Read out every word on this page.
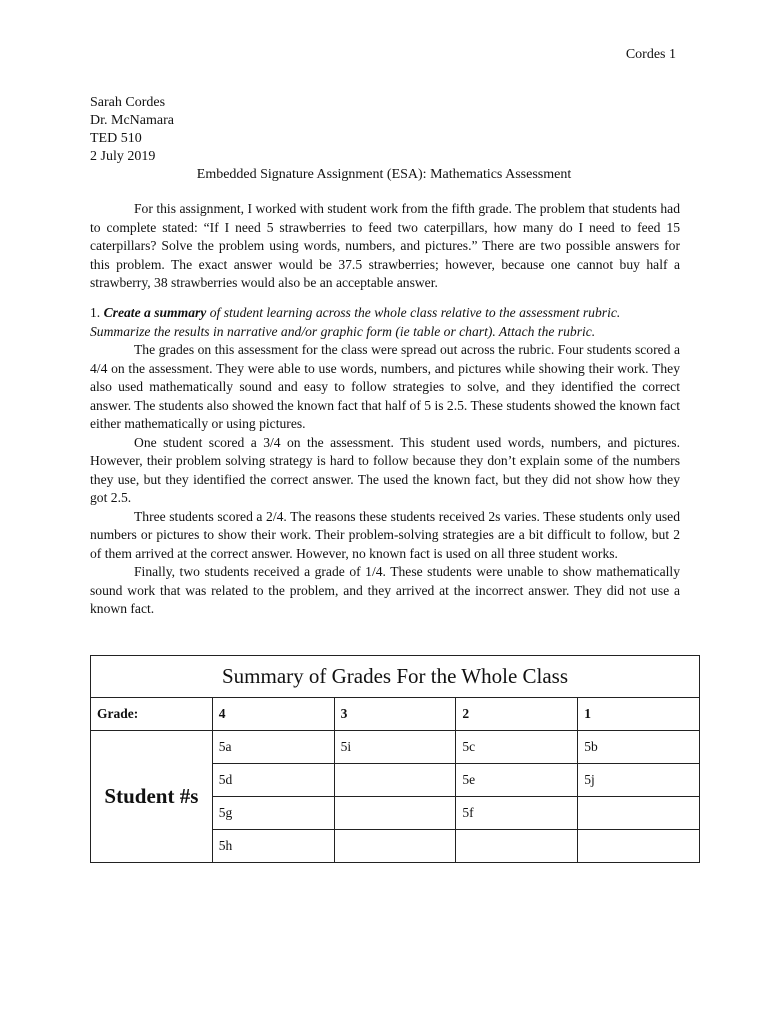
Cordes 1
Sarah Cordes
Dr. McNamara
TED 510
2 July 2019
Embedded Signature Assignment (ESA): Mathematics Assessment

For this assignment, I worked with student work from the fifth grade. The problem that students had to complete stated: “If I need 5 strawberries to feed two caterpillars, how many do I need to feed 15 caterpillars? Solve the problem using words, numbers, and pictures.” There are two possible answers for this problem. The exact answer would be 37.5 strawberries; however, because one cannot buy half a strawberry, 38 strawberries would also be an acceptable answer.

1. Create a summary of student learning across the whole class relative to the assessment rubric. Summarize the results in narrative and/or graphic form (ie table or chart). Attach the rubric.

The grades on this assessment for the class were spread out across the rubric. Four students scored a 4/4 on the assessment. They were able to use words, numbers, and pictures while showing their work. They also used mathematically sound and easy to follow strategies to solve, and they identified the correct answer. The students also showed the known fact that half of 5 is 2.5. These students showed the known fact either mathematically or using pictures.

One student scored a 3/4 on the assessment. This student used words, numbers, and pictures. However, their problem solving strategy is hard to follow because they don’t explain some of the numbers they use, but they identified the correct answer. The used the known fact, but they did not show how they got 2.5.

Three students scored a 2/4. The reasons these students received 2s varies. These students only used numbers or pictures to show their work. Their problem-solving strategies are a bit difficult to follow, but 2 of them arrived at the correct answer. However, no known fact is used on all three student works.

Finally, two students received a grade of 1/4. These students were unable to show mathematically sound work that was related to the problem, and they arrived at the incorrect answer. They did not use a known fact.

Summary of Grades For the Whole Class				
Grade:	4	3	2	1
Student #s	5a	5i	5c	5b
	5d		5e	5j
	5g		5f	
	5h			
